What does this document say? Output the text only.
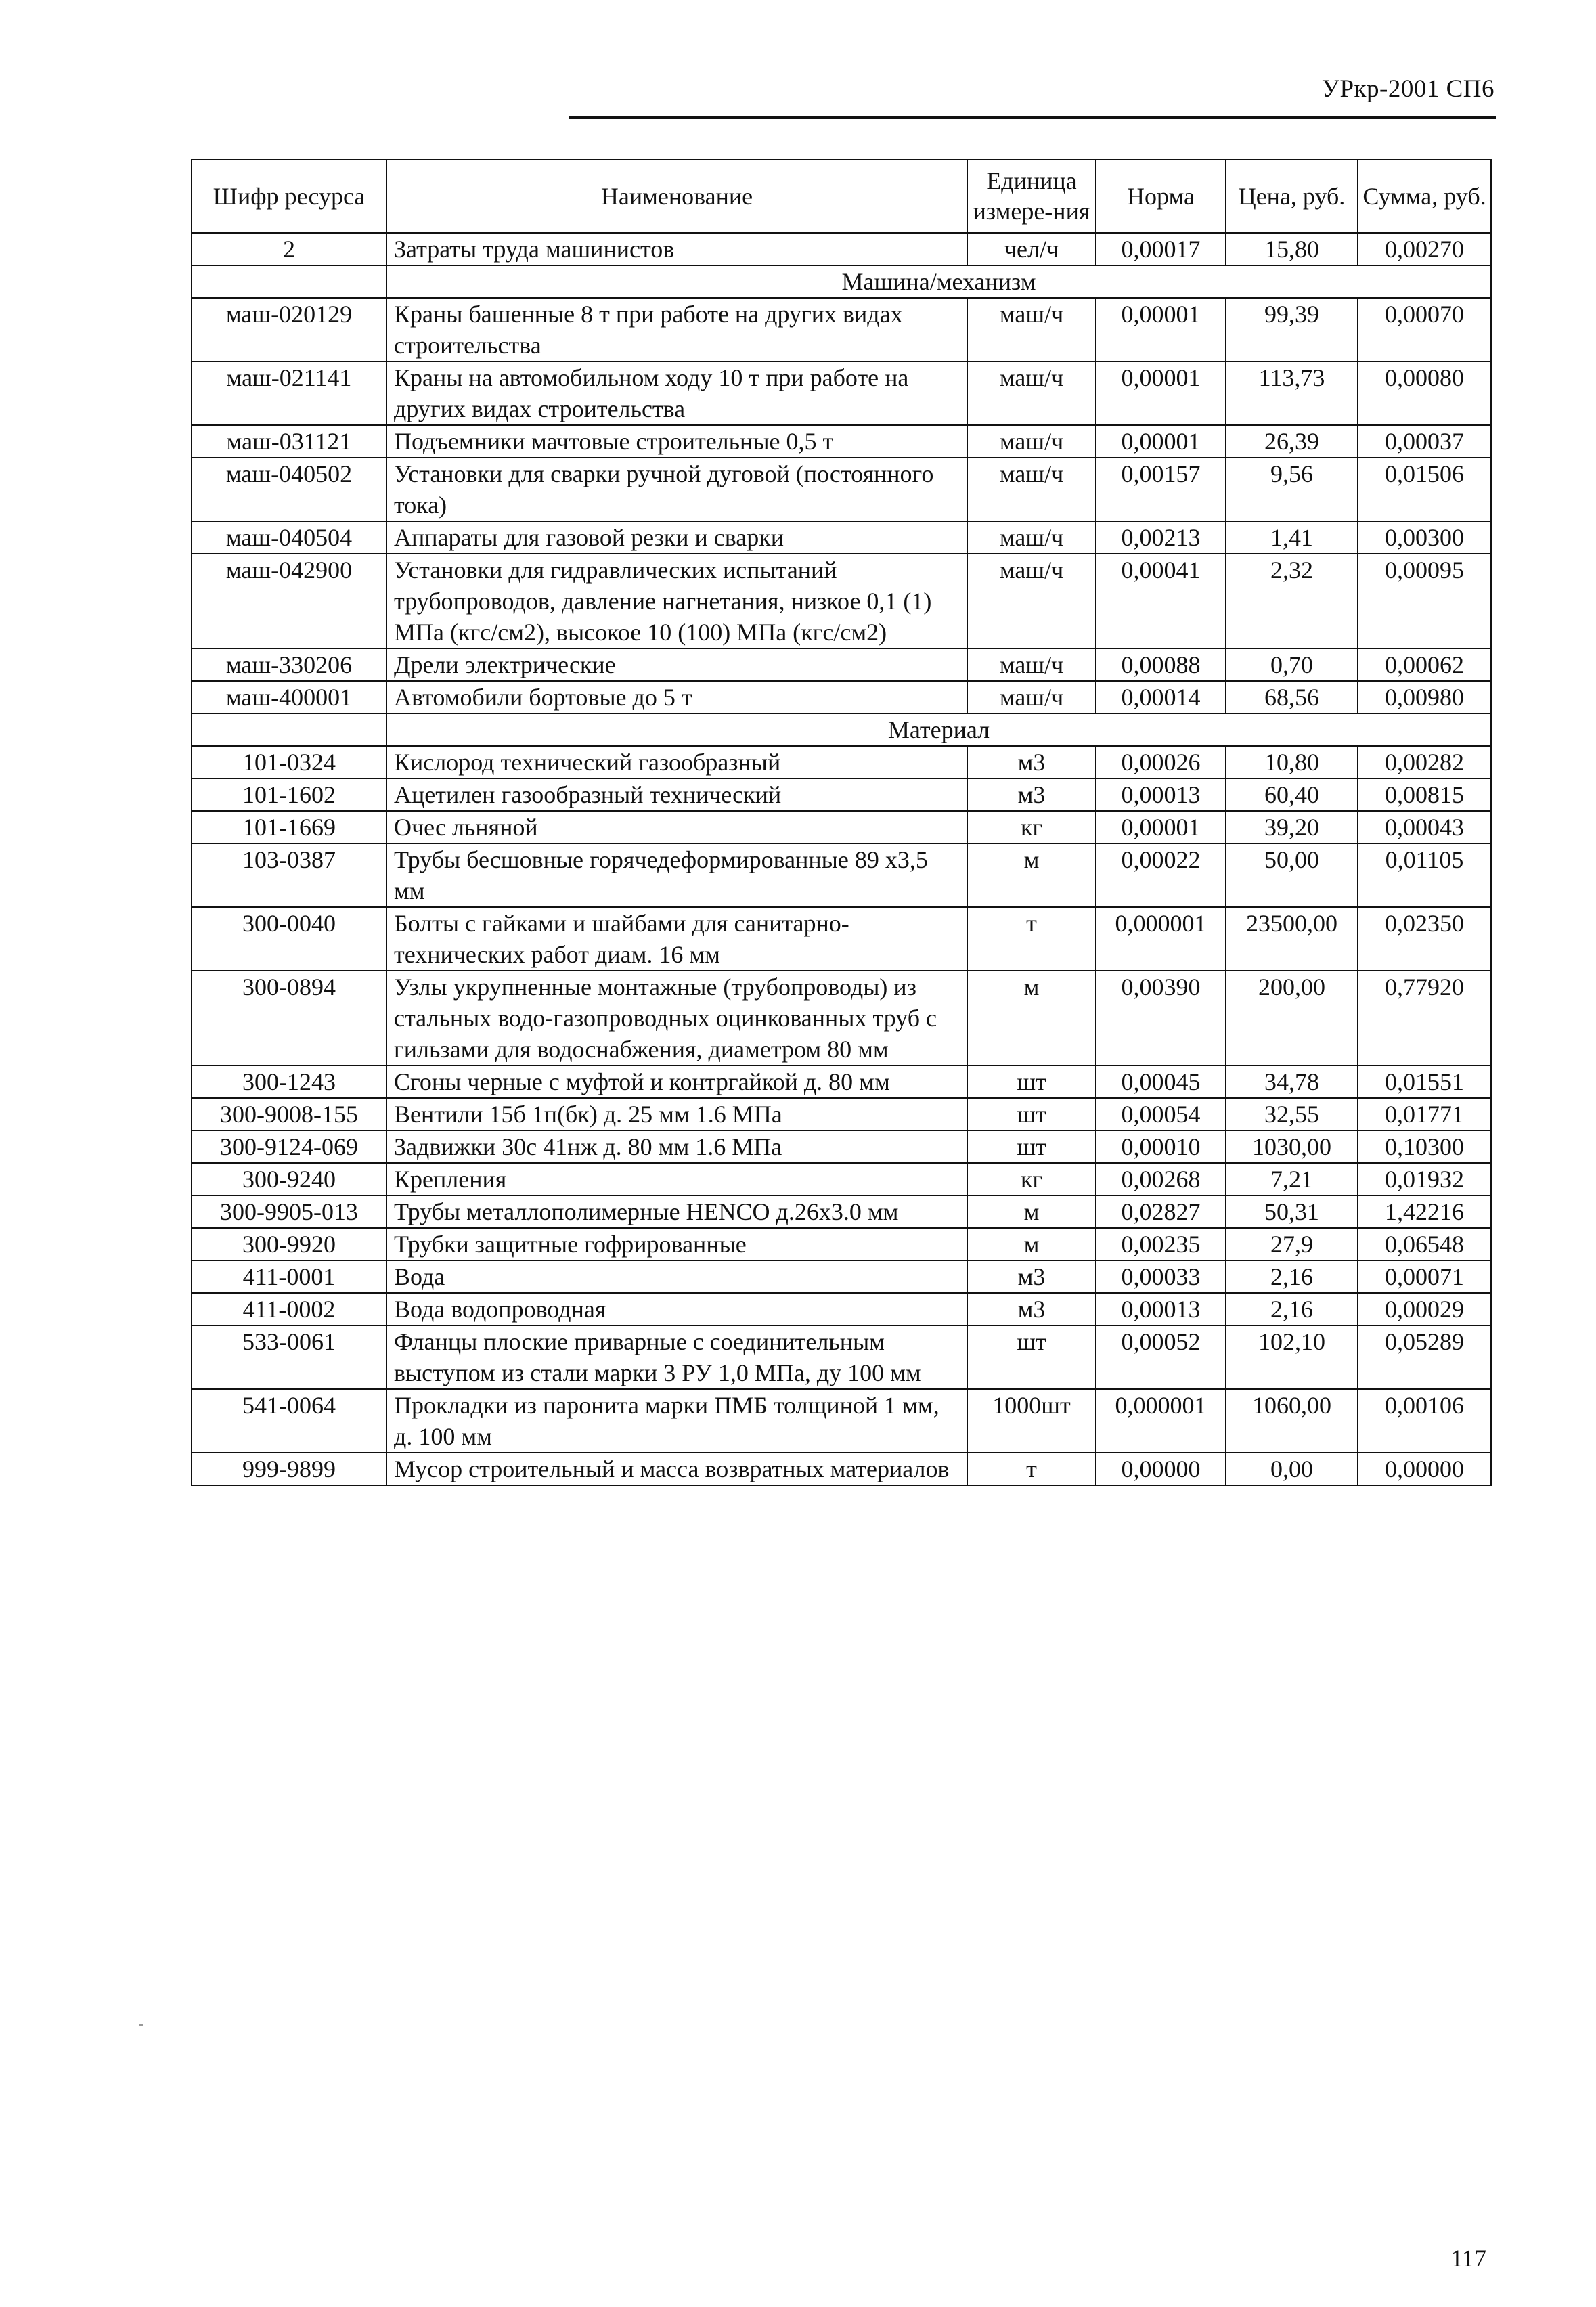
УРкр-2001 СП6
Шифр ресурса	Наименование	Единица измере-ния	Норма	Цена, руб.	Сумма, руб.
2	Затраты труда машинистов	чел/ч	0,00017	15,80	0,00270
	Машина/механизм				
маш-020129	Краны башенные 8 т при работе на других видах строительства	маш/ч	0,00001	99,39	0,00070
маш-021141	Краны на автомобильном ходу 10 т при работе на других видах строительства	маш/ч	0,00001	113,73	0,00080
маш-031121	Подъемники мачтовые строительные 0,5 т	маш/ч	0,00001	26,39	0,00037
маш-040502	Установки для сварки ручной дуговой (постоянного тока)	маш/ч	0,00157	9,56	0,01506
маш-040504	Аппараты для газовой резки и сварки	маш/ч	0,00213	1,41	0,00300
маш-042900	Установки для гидравлических испытаний трубопроводов, давление нагнетания, низкое 0,1 (1) МПа (кгс/см2), высокое 10 (100) МПа (кгс/см2)	маш/ч	0,00041	2,32	0,00095
маш-330206	Дрели электрические	маш/ч	0,00088	0,70	0,00062
маш-400001	Автомобили бортовые до 5 т	маш/ч	0,00014	68,56	0,00980
	Материал				
101-0324	Кислород технический газообразный	м3	0,00026	10,80	0,00282
101-1602	Ацетилен газообразный технический	м3	0,00013	60,40	0,00815
101-1669	Очес льняной	кг	0,00001	39,20	0,00043
103-0387	Трубы бесшовные горячедеформированные 89 х3,5 мм	м	0,00022	50,00	0,01105
300-0040	Болты с гайками и шайбами для санитарно-технических работ диам. 16 мм	т	0,000001	23500,00	0,02350
300-0894	Узлы укрупненные монтажные (трубопроводы) из стальных водо-газопроводных оцинкованных труб с гильзами для водоснабжения, диаметром 80 мм	м	0,00390	200,00	0,77920
300-1243	Сгоны черные с муфтой и контргайкой д. 80 мм	шт	0,00045	34,78	0,01551
300-9008-155	Вентили 15б 1п(бк) д. 25 мм 1.6 МПа	шт	0,00054	32,55	0,01771
300-9124-069	Задвижки 30с 41нж д. 80 мм 1.6 МПа	шт	0,00010	1030,00	0,10300
300-9240	Крепления	кг	0,00268	7,21	0,01932
300-9905-013	Трубы металлополимерные HENCO д.26х3.0 мм	м	0,02827	50,31	1,42216
300-9920	Трубки защитные гофрированные	м	0,00235	27,9	0,06548
411-0001	Вода	м3	0,00033	2,16	0,00071
411-0002	Вода водопроводная	м3	0,00013	2,16	0,00029
533-0061	Фланцы плоские приварные с соединительным выступом из стали марки 3 РУ 1,0 МПа, ду 100 мм	шт	0,00052	102,10	0,05289
541-0064	Прокладки из паронита марки ПМБ толщиной 1 мм, д. 100 мм	1000шт	0,000001	1060,00	0,00106
999-9899	Мусор строительный и масса возвратных материалов	т	0,00000	0,00	0,00000
117
